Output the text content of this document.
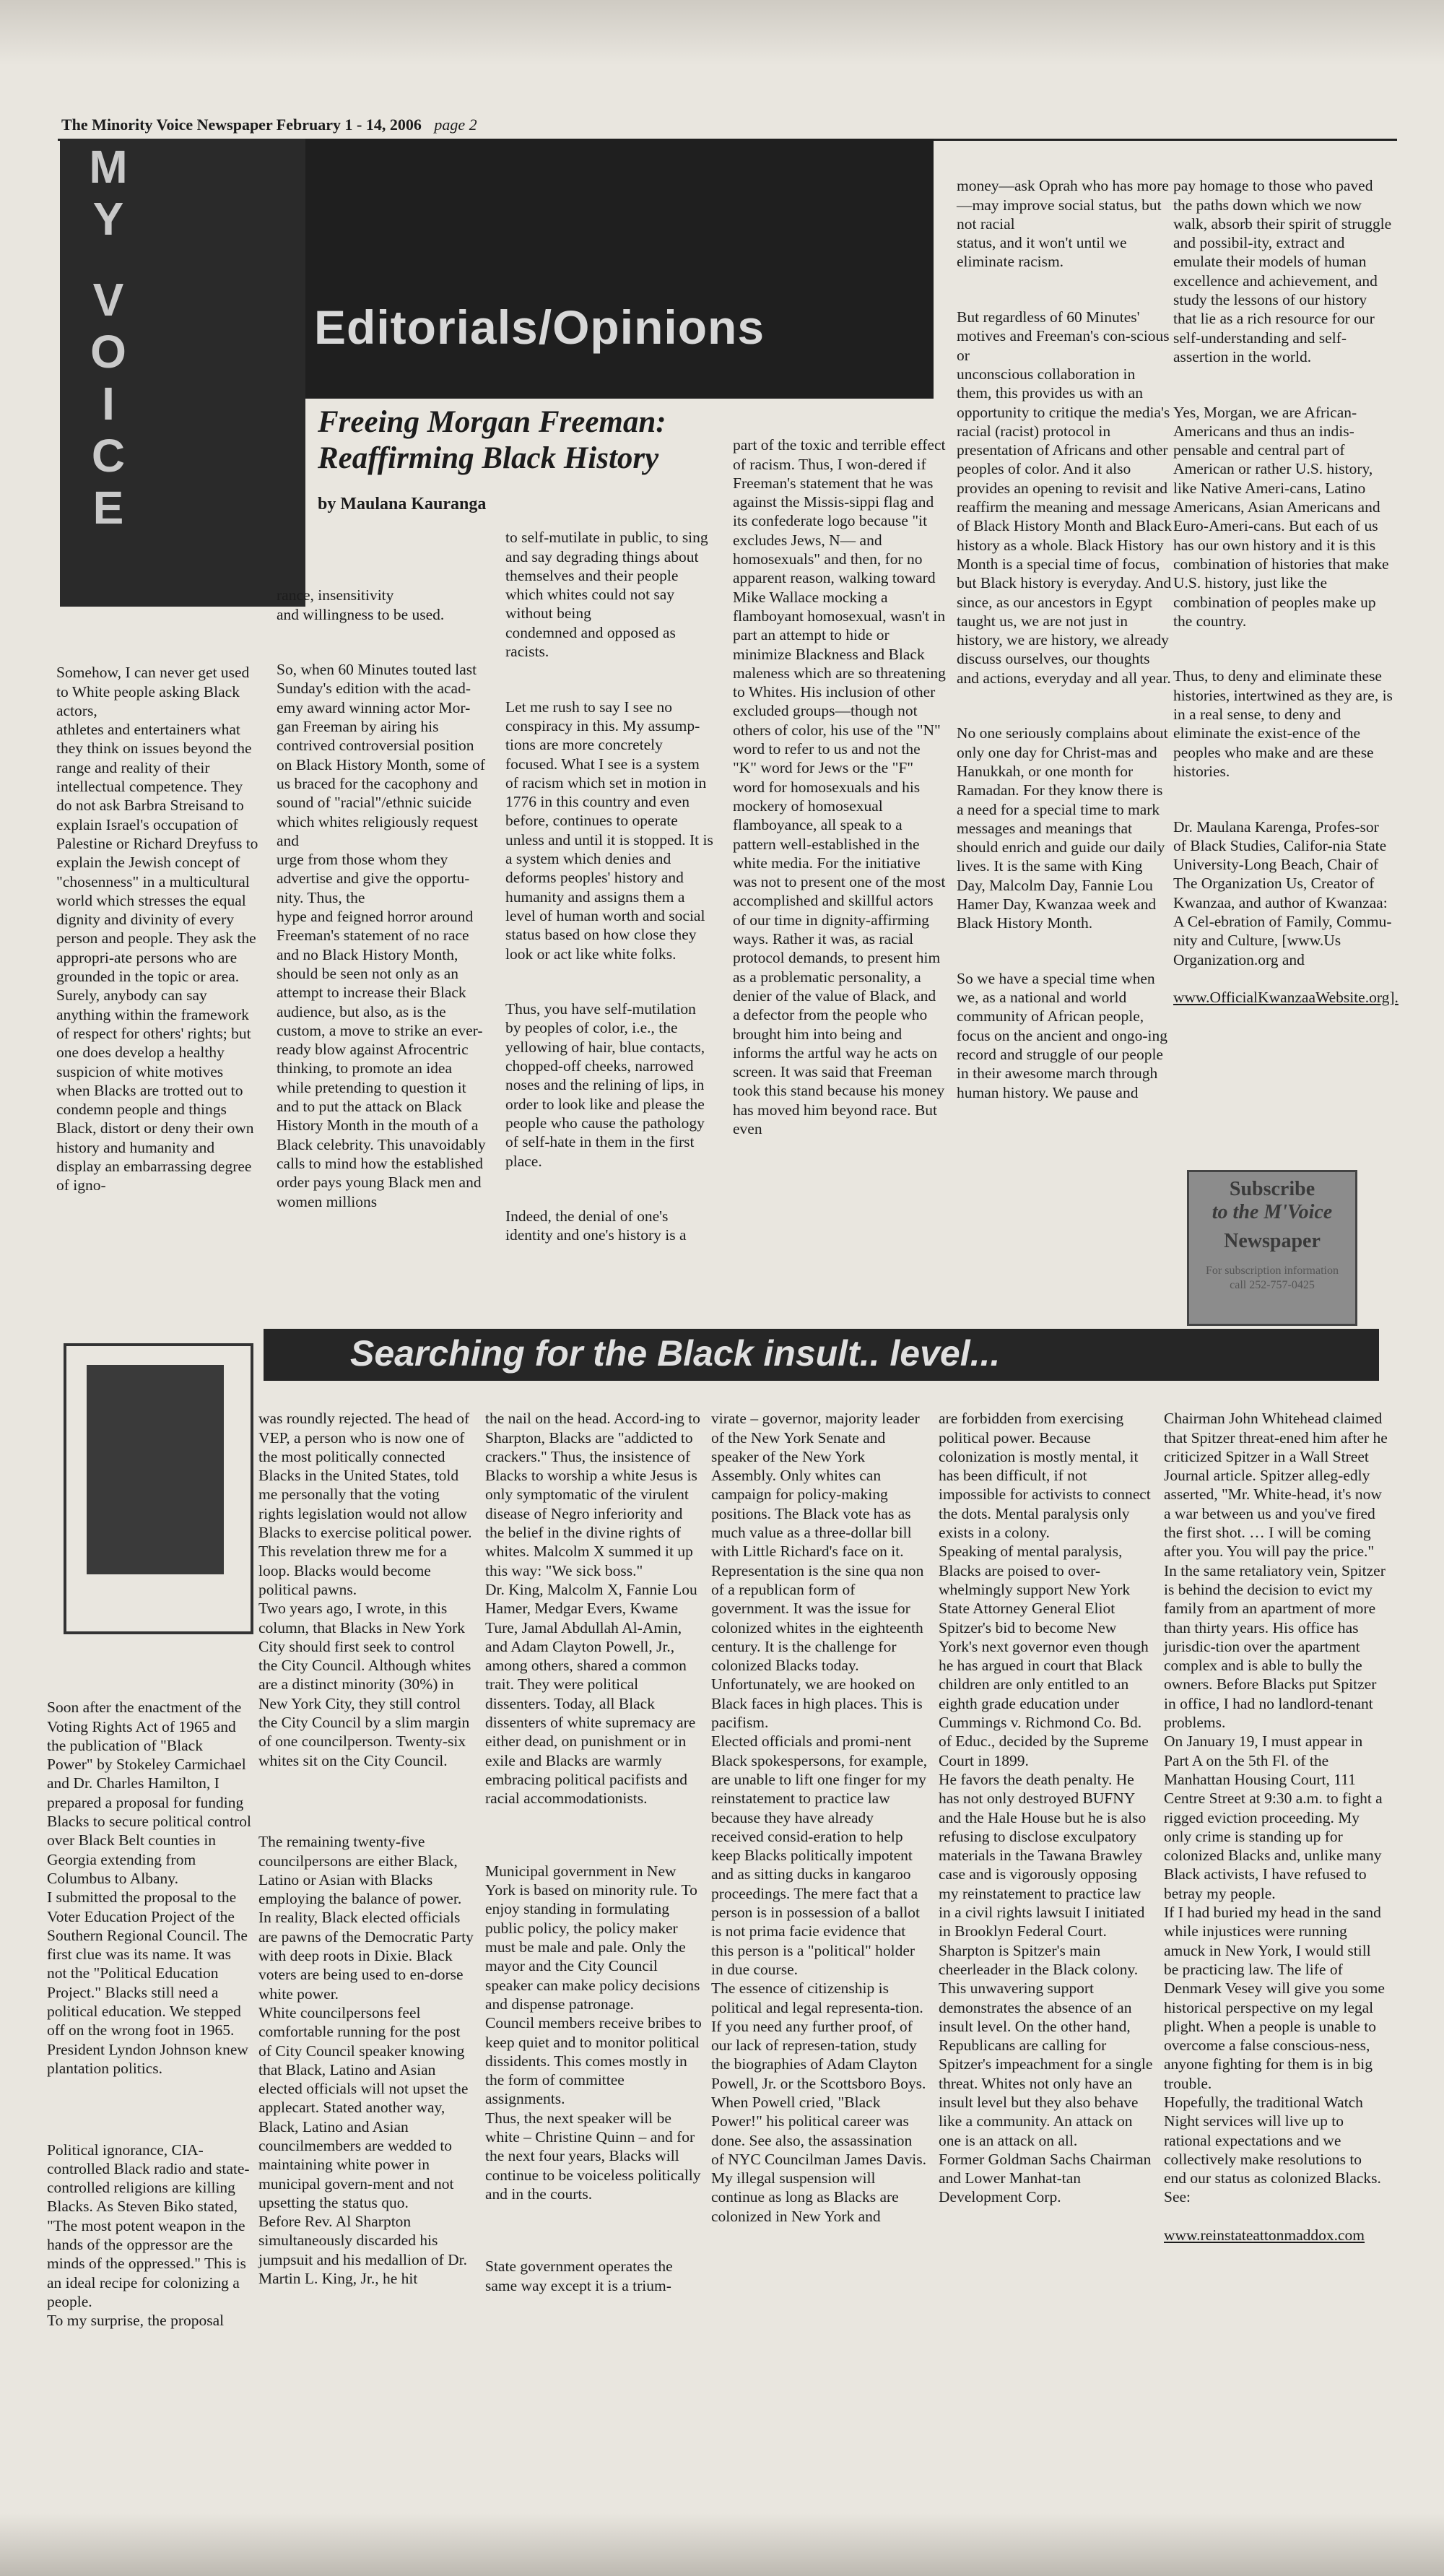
The Minority Voice Newspaper February 1 - 14, 2006 page 2
M
Y
V
O
I
C
E
Editorials/Opinions
Freeing Morgan Freeman:
Reaffirming Black History
by Maulana Kauranga

Somehow, I can never get used to White people asking Black actors,
athletes and entertainers what they think on issues beyond the range and reality of their intellectual competence. They do not ask Barbra Streisand to explain Israel's occupation of Palestine or Richard Dreyfuss to explain the Jewish concept of "chosenness" in a multicultural world which stresses the equal dignity and divinity of every person and people. They ask the appropri-ate persons who are grounded in the topic or area. Surely, anybody can say anything within the framework of respect for others' rights; but one does develop a healthy suspicion of white motives when Blacks are trotted out to condemn people and things Black, distort or deny their own history and humanity and display an embarrassing degree of igno-

rance, insensitivity
and willingness to be used.

So, when 60 Minutes touted last Sunday's edition with the acad-emy award winning actor Mor-gan Freeman by airing his contrived controversial position on Black History Month, some of us braced for the cacophony and sound of "racial"/ethnic suicide which whites religiously request and
urge from those whom they advertise and give the opportu-nity. Thus, the
hype and feigned horror around Freeman's statement of no race and no Black History Month, should be seen not only as an attempt to increase their Black audience, but also, as is the custom, a move to strike an ever-ready blow against Afrocentric thinking, to promote an idea while pretending to question it and to put the attack on Black History Month in the mouth of a Black celebrity. This unavoidably calls to mind how the established order pays young Black men and women millions

to self-mutilate in public, to sing and say degrading things about themselves and their people which whites could not say without being
condemned and opposed as racists.

Let me rush to say I see no conspiracy in this. My assump-tions are more concretely focused. What I see is a system of racism which set in motion in 1776 in this country and even before, continues to operate unless and until it is stopped. It is a system which denies and deforms peoples' history and humanity and assigns them a level of human worth and social status based on how close they look or act like white folks.

Thus, you have self-mutilation by peoples of color, i.e., the yellowing of hair, blue contacts, chopped-off cheeks, narrowed noses and the relining of lips, in order to look like and please the people who cause the pathology of self-hate in them in the first place.

Indeed, the denial of one's identity and one's history is a

part of the toxic and terrible effect of racism. Thus, I won-dered if Freeman's statement that he was against the Missis-sippi flag and its confederate logo because "it excludes Jews, N— and homosexuals" and then, for no apparent reason, walking toward Mike Wallace mocking a flamboyant homosexual, wasn't in part an attempt to hide or minimize Blackness and Black maleness which are so threatening to Whites. His inclusion of other excluded groups—though not others of color, his use of the "N" word to refer to us and not the "K" word for Jews or the "F" word for homosexuals and his mockery of homosexual flamboyance, all speak to a
pattern well-established in the white media. For the initiative was not to present one of the most accomplished and skillful actors of our time in dignity-affirming ways. Rather it was, as racial protocol demands, to present him as a problematic personality, a denier of the value of Black, and a defector from the people who brought him into being and informs the artful way he acts on screen. It was said that Freeman took this stand because his money has moved him beyond race. But even

money—ask Oprah who has more—may improve social status, but not racial
status, and it won't until we eliminate racism.

But regardless of 60 Minutes' motives and Freeman's con-scious or
unconscious collaboration in them, this provides us with an opportunity to critique the media's racial (racist) protocol in presentation of Africans and other peoples of color. And it also provides an opening to revisit and reaffirm the meaning and message of Black History Month and Black history as a whole. Black History Month is a special time of focus, but Black history is everyday. And since, as our ancestors in Egypt taught us, we are not just in history, we are history, we already
discuss ourselves, our thoughts and actions, everyday and all year.

No one seriously complains about only one day for Christ-mas and
Hanukkah, or one month for Ramadan. For they know there is a need for a special time to mark messages and meanings that should enrich and guide our daily lives. It is the same with King Day, Malcolm Day, Fannie Lou Hamer Day, Kwanzaa week and Black History Month.

So we have a special time when we, as a national and world community of African people, focus on the ancient and ongo-ing record and struggle of our people in their awesome march through human history. We pause and

pay homage to those who paved the paths down which we now walk, absorb their spirit of struggle and possibil-ity, extract and emulate their models of human excellence and achievement, and study the lessons of our history that lie as a rich resource for our self-understanding and self-assertion in the world.

Yes, Morgan, we are African-Americans and thus an indis-pensable and central part of American or rather U.S. history, like Native Ameri-cans, Latino Americans, Asian Americans and Euro-Ameri-cans. But each of us
has our own history and it is this combination of histories that make U.S. history, just like the combination of peoples make up the country.

Thus, to deny and eliminate these histories, intertwined as they are, is in a real sense, to deny and eliminate the exist-ence of the peoples who make and are these histories.

Dr. Maulana Karenga, Profes-sor of Black Studies, Califor-nia State
University-Long Beach, Chair of The Organization Us, Creator of Kwanzaa, and author of Kwanzaa: A Cel-ebration of Family, Commu-nity and Culture, [www.Us Organization.org and

www.OfficialKwanzaaWebsite.org].

Subscribe
to the M'Voice
Newspaper
For subscription information
call 252-757-0425
Searching for the Black insult.. level...

Soon after the enactment of the Voting Rights Act of 1965 and the publication of "Black Power" by Stokeley Carmichael and Dr. Charles Hamilton, I prepared a proposal for funding Blacks to secure political control over Black Belt counties in Georgia extending from Columbus to Albany.
I submitted the proposal to the Voter Education Project of the Southern Regional Council. The first clue was its name. It was not the "Political Education Project." Blacks still need a political education. We stepped off on the wrong foot in 1965. President Lyndon Johnson knew plantation politics.

Political ignorance, CIA-controlled Black radio and state-controlled religions are killing Blacks. As Steven Biko stated, "The most potent weapon in the hands of the oppressor are the minds of the oppressed." This is an ideal recipe for colonizing a people.
To my surprise, the proposal

was roundly rejected. The head of VEP, a person who is now one of the most politically connected Blacks in the United States, told me personally that the voting rights legislation would not allow Blacks to exercise political power. This revelation threw me for a loop. Blacks would become political pawns.
Two years ago, I wrote, in this column, that Blacks in New York City should first seek to control the City Council. Although whites are a distinct minority (30%) in New York City, they still control the City Council by a slim margin of one councilperson. Twenty-six whites sit on the City Council.

The remaining twenty-five councilpersons are either Black, Latino or Asian with Blacks employing the balance of power. In reality, Black elected officials are pawns of the Democratic Party with deep roots in Dixie. Black voters are being used to en-dorse white power.
White councilpersons feel comfortable running for the post of City Council speaker knowing that Black, Latino and Asian elected officials will not upset the applecart. Stated another way, Black, Latino and Asian councilmembers are wedded to maintaining white power in municipal govern-ment and not upsetting the status quo.
Before Rev. Al Sharpton simultaneously discarded his jumpsuit and his medallion of Dr. Martin L. King, Jr., he hit

the nail on the head. Accord-ing to Sharpton, Blacks are "addicted to crackers." Thus, the insistence of Blacks to worship a white Jesus is only symptomatic of the virulent disease of Negro inferiority and the belief in the divine rights of whites. Malcolm X summed it up this way: "We sick boss."
Dr. King, Malcolm X, Fannie Lou Hamer, Medgar Evers, Kwame Ture, Jamal Abdullah Al-Amin, and Adam Clayton Powell, Jr., among others, shared a common trait. They were political dissenters. Today, all Black dissenters of white supremacy are either dead, on punishment or in exile and Blacks are warmly embracing political pacifists and racial accommodationists.

Municipal government in New York is based on minority rule. To enjoy standing in formulating public policy, the policy maker must be male and pale. Only the mayor and the City Council speaker can make policy decisions and dispense patronage.
Council members receive bribes to keep quiet and to monitor political dissidents. This comes mostly in the form of committee assignments.
Thus, the next speaker will be white – Christine Quinn – and for the next four years, Blacks will continue to be voiceless politically and in the courts.

State government operates the same way except it is a trium-

virate – governor, majority leader of the New York Senate and speaker of the New York Assembly. Only whites can campaign for policy-making positions. The Black vote has as much value as a three-dollar bill with Little Richard's face on it. Representation is the sine qua non of a republican form of government. It was the issue for colonized whites in the eighteenth century. It is the challenge for colonized Blacks today. Unfortunately, we are hooked on Black faces in high places. This is pacifism.
Elected officials and promi-nent Black spokespersons, for example, are unable to lift one finger for my reinstatement to practice law because they have already received consid-eration to help keep Blacks politically impotent and as sitting ducks in kangaroo proceedings. The mere fact that a person is in possession of a ballot is not prima facie evidence that this person is a "political" holder in due course.
The essence of citizenship is political and legal representa-tion. If you need any further proof, of our lack of represen-tation, study the biographies of Adam Clayton Powell, Jr. or the Scottsboro Boys. When Powell cried, "Black Power!" his political career was done. See also, the assassination of NYC Councilman James Davis.
My illegal suspension will continue as long as Blacks are colonized in New York and

are forbidden from exercising political power. Because colonization is mostly mental, it has been difficult, if not impossible for activists to connect the dots. Mental paralysis only exists in a colony.
Speaking of mental paralysis, Blacks are poised to over-whelmingly support New York State Attorney General Eliot Spitzer's bid to become New York's next governor even though he has argued in court that Black children are only entitled to an eighth grade education under Cummings v. Richmond Co. Bd. of Educ., decided by the Supreme Court in 1899.
He favors the death penalty. He has not only destroyed BUFNY and the Hale House but he is also refusing to disclose exculpatory materials in the Tawana Brawley case and is vigorously opposing my reinstatement to practice law in a civil rights lawsuit I initiated in Brooklyn Federal Court.
Sharpton is Spitzer's main cheerleader in the Black colony. This unwavering support demonstrates the absence of an insult level. On the other hand, Republicans are calling for Spitzer's impeachment for a single threat. Whites not only have an insult level but they also behave like a community. An attack on one is an attack on all.
Former Goldman Sachs Chairman and Lower Manhat-tan Development Corp.

Chairman John Whitehead claimed that Spitzer threat-ened him after he criticized Spitzer in a Wall Street Journal article. Spitzer alleg-edly asserted, "Mr. White-head, it's now a war between us and you've fired the first shot. … I will be coming after you. You will pay the price."
In the same retaliatory vein, Spitzer is behind the decision to evict my family from an apartment of more than thirty years. His office has jurisdic-tion over the apartment complex and is able to bully the owners. Before Blacks put Spitzer in office, I had no landlord-tenant problems.
On January 19, I must appear in Part A on the 5th Fl. of the Manhattan Housing Court, 111 Centre Street at 9:30 a.m. to fight a rigged eviction proceeding. My only crime is standing up for colonized Blacks and, unlike many Black activists, I have refused to betray my people.
If I had buried my head in the sand while injustices were running amuck in New York, I would still be practicing law. The life of Denmark Vesey will give you some historical perspective on my legal plight. When a people is unable to overcome a false conscious-ness, anyone fighting for them is in big trouble.
Hopefully, the traditional Watch Night services will live up to rational expectations and we collectively make resolutions to end our status as colonized Blacks.
See:

www.reinstateattonmaddox.com
